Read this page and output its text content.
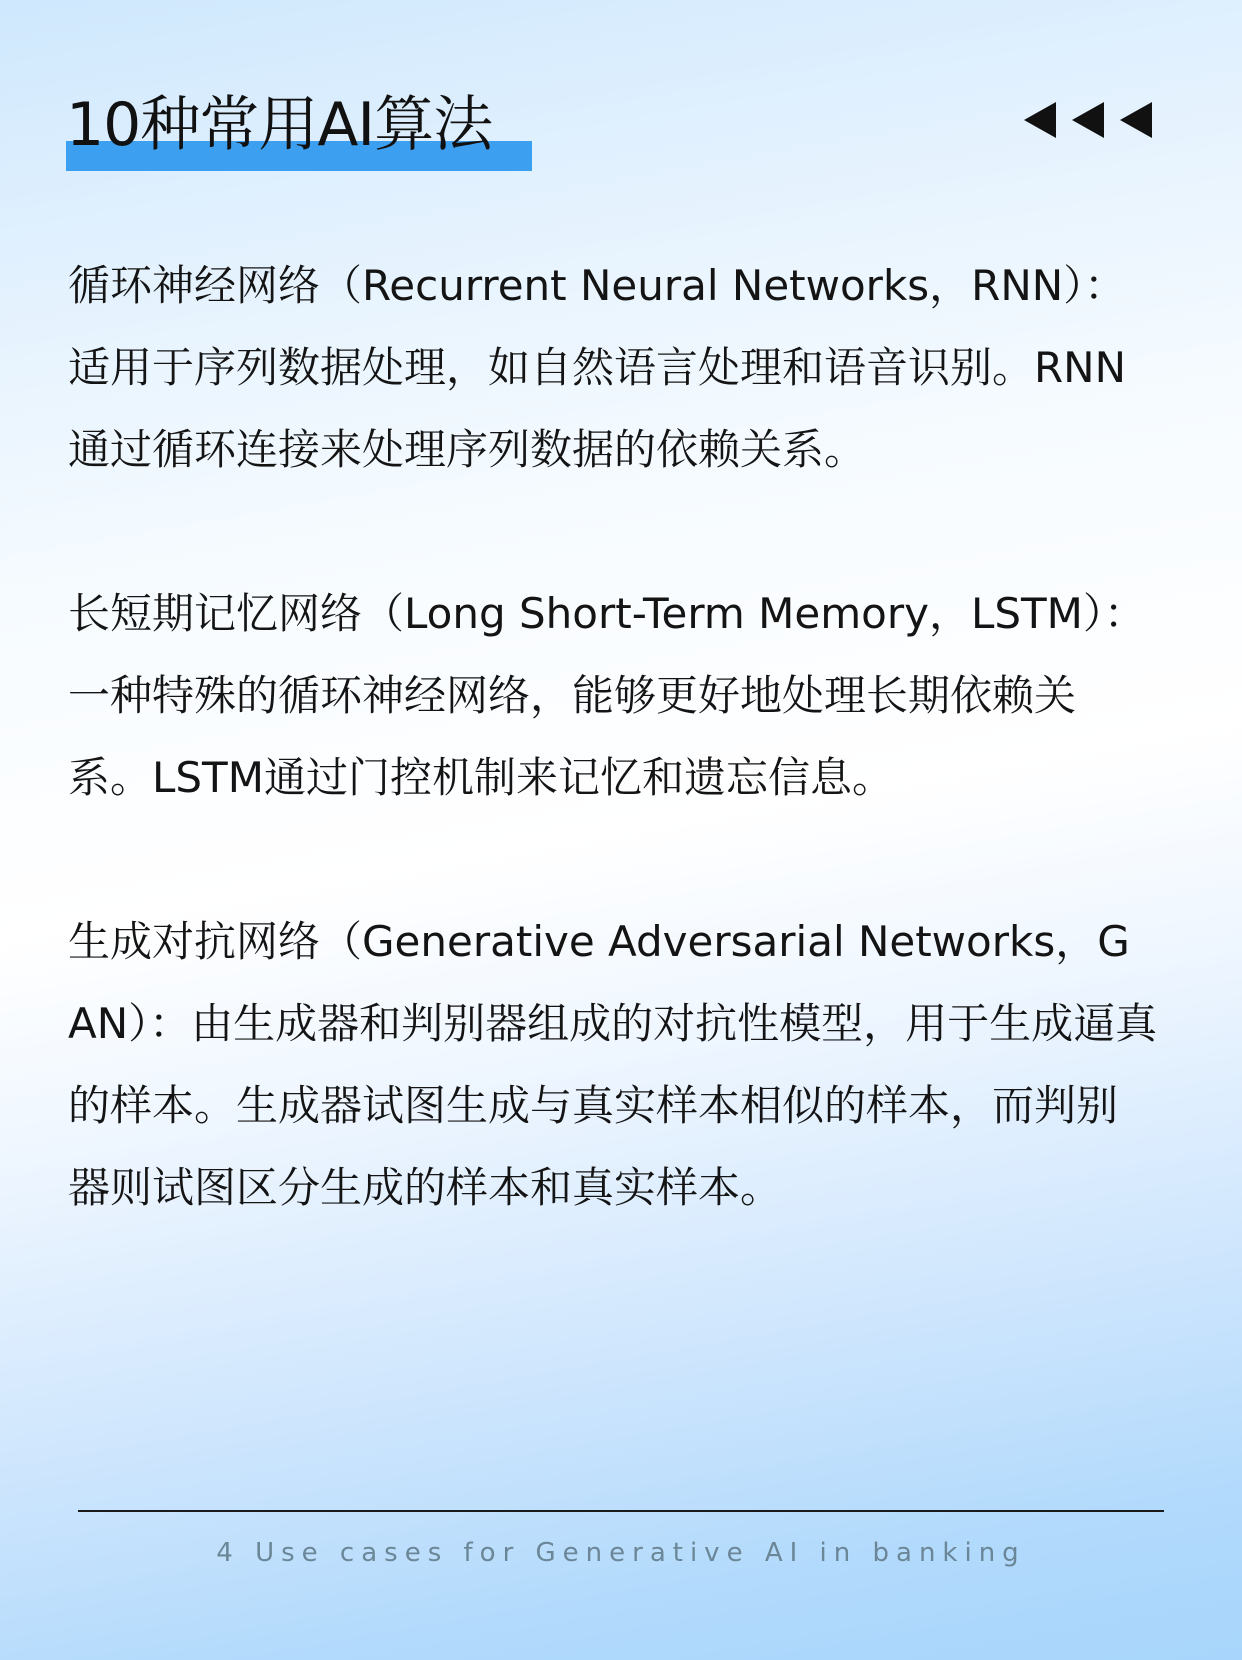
10种常用AI算法

循环神经网络（Recurrent Neural Networks，RNN）：适用于序列数据处理，如自然语言处理和语音识别。RNN通过循环连接来处理序列数据的依赖关系。

长短期记忆网络（Long Short-Term Memory，LSTM）：一种特殊的循环神经网络，能够更好地处理长期依赖关系。LSTM通过门控机制来记忆和遗忘信息。

生成对抗网络（Generative Adversarial Networks，GAN）：由生成器和判别器组成的对抗性模型，用于生成逼真的样本。生成器试图生成与真实样本相似的样本，而判别器则试图区分生成的样本和真实样本。

4 Use cases for Generative AI in banking
